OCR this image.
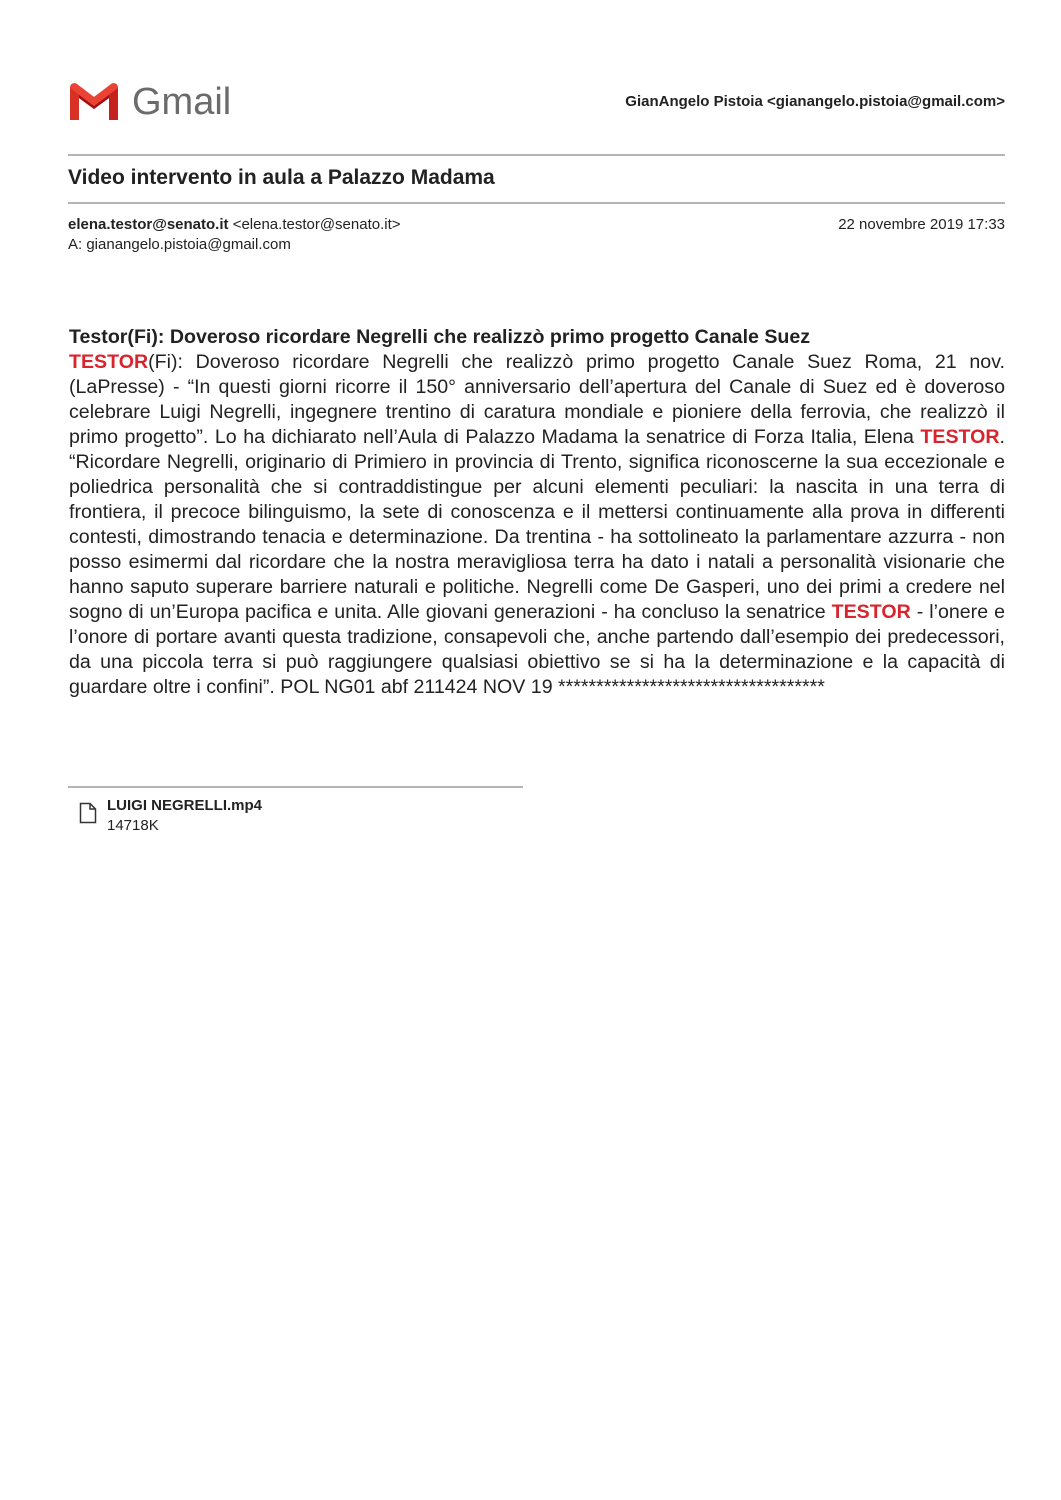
Gmail	GianAngelo Pistoia <gianangelo.pistoia@gmail.com>
Video intervento in aula a Palazzo Madama
elena.testor@senato.it <elena.testor@senato.it>	22 novembre 2019 17:33
A: gianangelo.pistoia@gmail.com
Testor(Fi): Doveroso ricordare Negrelli che realizzò primo progetto Canale Suez
TESTOR(Fi): Doveroso ricordare Negrelli che realizzò primo progetto Canale Suez Roma, 21 nov. (LaPresse) - “In questi giorni ricorre il 150° anniversario dell’apertura del Canale di Suez ed è doveroso celebrare Luigi Negrelli, ingegnere trentino di caratura mondiale e pioniere della ferrovia, che realizzò il primo progetto”. Lo ha dichiarato nell’Aula di Palazzo Madama la senatrice di Forza Italia, Elena TESTOR. “Ricordare Negrelli, originario di Primiero in provincia di Trento, significa riconoscerne la sua eccezionale e poliedrica personalità che si contraddistingue per alcuni elementi peculiari: la nascita in una terra di frontiera, il precoce bilinguismo, la sete di conoscenza e il mettersi continuamente alla prova in differenti contesti, dimostrando tenacia e determinazione. Da trentina - ha sottolineato la parlamentare azzurra - non posso esimermi dal ricordare che la nostra meravigliosa terra ha dato i natali a personalità visionarie che hanno saputo superare barriere naturali e politiche. Negrelli come De Gasperi, uno dei primi a credere nel sogno di un’Europa pacifica e unita. Alle giovani generazioni - ha concluso la senatrice TESTOR - l’onere e l’onore di portare avanti questa tradizione, consapevoli che, anche partendo dall’esempio dei predecessori, da una piccola terra si può raggiungere qualsiasi obiettivo se si ha la determinazione e la capacità di guardare oltre i confini”. POL NG01 abf 211424 NOV 19 ***********************************
LUIGI NEGRELLI.mp4
14718K
